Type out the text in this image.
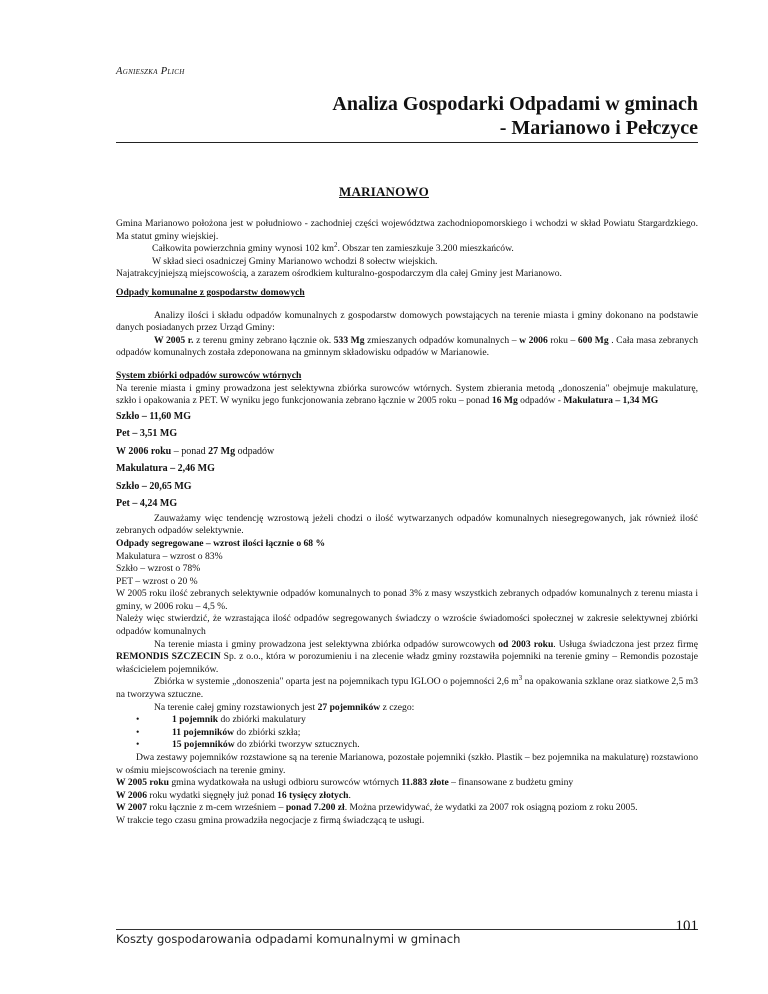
Agnieszka Plich
Analiza Gospodarki Odpadami w gminach
- Marianowo i Pełczyce
MARIANOWO

Gmina Marianowo położona jest w południowo - zachodniej części województwa zachodniopomorskiego i wchodzi w skład Powiatu Stargardzkiego. Ma statut gminy wiejskiej.

Całkowita powierzchnia gminy wynosi 102 $km^2$. Obszar ten zamieszkuje 3.200 mieszkańców.

W skład sieci osadniczej Gminy Marianowo wchodzi 8 sołectw wiejskich.

Najatrakcyjniejszą miejscowością, a zarazem ośrodkiem kulturalno-gospodarczym dla całej Gminy jest Marianowo.

Odpady komunalne z gospodarstw domowych

Analizy ilości i składu odpadów komunalnych z gospodarstw domowych powstających na terenie miasta i gminy dokonano na podstawie danych posiadanych przez Urząd Gminy:

W 2005 r. z terenu gminy zebrano łącznie ok. 533 Mg zmieszanych odpadów komunalnych – w 2006 roku – 600 Mg . Cała masa zebranych odpadów komunalnych została zdeponowana na gminnym składowisku odpadów w Marianowie.

System zbiórki odpadów surowców wtórnych

Na terenie miasta i gminy prowadzona jest selektywna zbiórka surowców wtórnych. System zbierania metodą „donoszenia" obejmuje makulaturę, szkło i opakowania z PET. W wyniku jego funkcjonowania zebrano łącznie w 2005 roku – ponad 16 Mg odpadów - Makulatura – 1,34 MG

Szkło – 11,60 MG

Pet – 3,51 MG

W 2006 roku – ponad 27 Mg odpadów

Makulatura – 2,46 MG

Szkło – 20,65 MG

Pet – 4,24 MG

Zauważamy więc tendencję wzrostową jeżeli chodzi o ilość wytwarzanych odpadów komunalnych niesegregowanych, jak również ilość zebranych odpadów selektywnie.

Odpady segregowane – wzrost ilości łącznie o 68 %

Makulatura – wzrost o 83%

Szkło – wzrost o 78%

PET – wzrost o 20 %

W 2005 roku ilość zebranych selektywnie odpadów komunalnych to ponad 3% z masy wszystkich zebranych odpadów komunalnych z terenu miasta i gminy, w 2006 roku – 4,5 %.

Należy więc stwierdzić, że wzrastająca ilość odpadów segregowanych świadczy o wzroście świadomości społecznej w zakresie selektywnej zbiórki odpadów komunalnych

Na terenie miasta i gminy prowadzona jest selektywna zbiórka odpadów surowcowych od 2003 roku. Usługa świadczona jest przez firmę REMONDIS SZCZECIN Sp. z o.o., która w porozumieniu i na zlecenie władz gminy rozstawiła pojemniki na terenie gminy – Remondis pozostaje właścicielem pojemników.

Zbiórka w systemie „donoszenia" oparta jest na pojemnikach typu IGLOO o pojemności 2,6 $m^3$ na opakowania szklane oraz siatkowe 2,5 m3 na tworzywa sztuczne.

Na terenie całej gminy rozstawionych jest 27 pojemników z czego:

• 1 pojemnik do zbiórki makulatury
• 11 pojemników do zbiórki szkła;
• 15 pojemników do zbiórki tworzyw sztucznych.

Dwa zestawy pojemników rozstawione są na terenie Marianowa, pozostałe pojemniki (szkło. Plastik – bez pojemnika na makulaturę) rozstawiono w ośmiu miejscowościach na terenie gminy.

W 2005 roku gmina wydatkowała na usługi odbioru surowców wtórnych 11.883 złote – finansowane z budżetu gminy

W 2006 roku wydatki sięgnęły już ponad 16 tysięcy złotych.

W 2007 roku łącznie z m-cem wrześniem – ponad 7.200 zł. Można przewidywać, że wydatki za 2007 rok osiągną poziom z roku 2005.

W trakcie tego czasu gmina prowadziła negocjacje z firmą świadczącą te usługi.

Koszty gospodarowania odpadami komunalnymi w gminach
101
